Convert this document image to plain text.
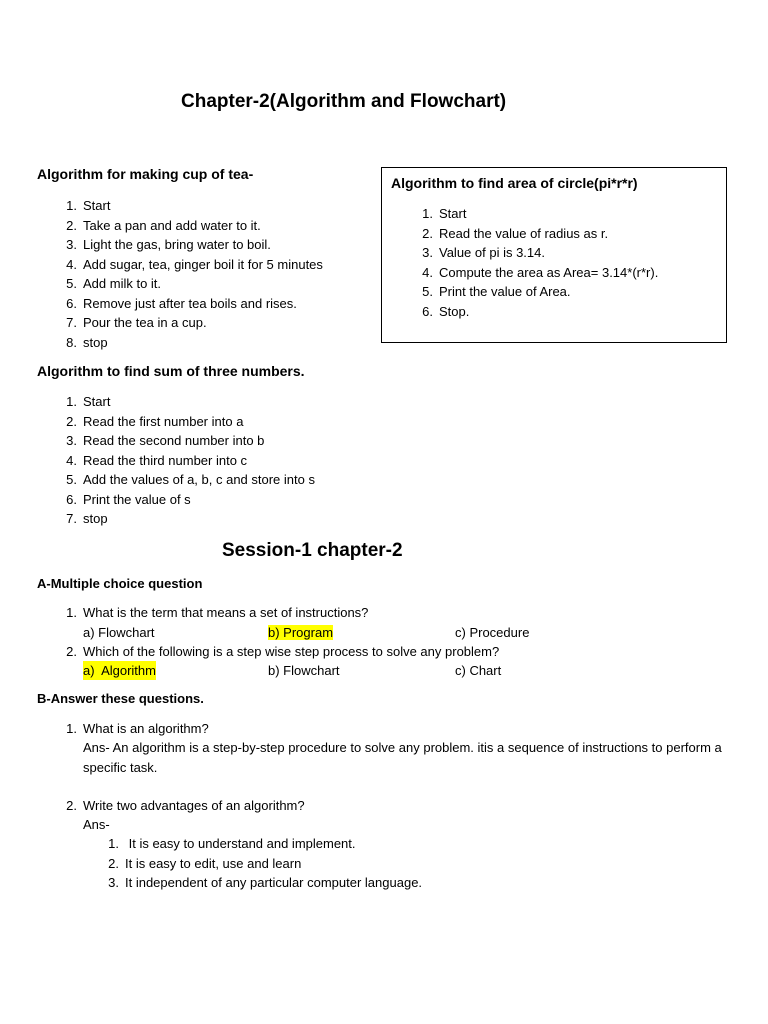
Chapter-2(Algorithm and Flowchart)
Algorithm for making cup of tea-
1. Start
2. Take a pan and add water to it.
3. Light the gas, bring water to boil.
4. Add sugar, tea, ginger boil it for 5 minutes
5. Add milk to it.
6. Remove just after tea boils and rises.
7. Pour the tea in a cup.
8. stop
Algorithm to find area of circle(pi*r*r)
1. Start
2. Read the value of radius as r.
3. Value of pi is 3.14.
4. Compute the area as Area= 3.14*(r*r).
5. Print the value of Area.
6. Stop.
Algorithm to find sum of three numbers.
1. Start
2. Read the first number into a
3. Read the second number into b
4. Read the third number into c
5. Add the values of a, b, c and store into s
6. Print the value of s
7. stop
Session-1 chapter-2
A-Multiple choice question
1. What is the term that means a set of instructions?
a) Flowchart	b) Program	c) Procedure
2. Which of the following is a step wise step process to solve any problem?
a)  Algorithm	b) Flowchart	c) Chart
B-Answer these questions.
1. What is an algorithm?
Ans- An algorithm is a step-by-step procedure to solve any problem. itis a sequence of instructions to perform a specific task.
2. Write two advantages of an algorithm?
Ans-
1. It is easy to understand and implement.
2. It is easy to edit, use and learn
3. It independent of any particular computer language.
